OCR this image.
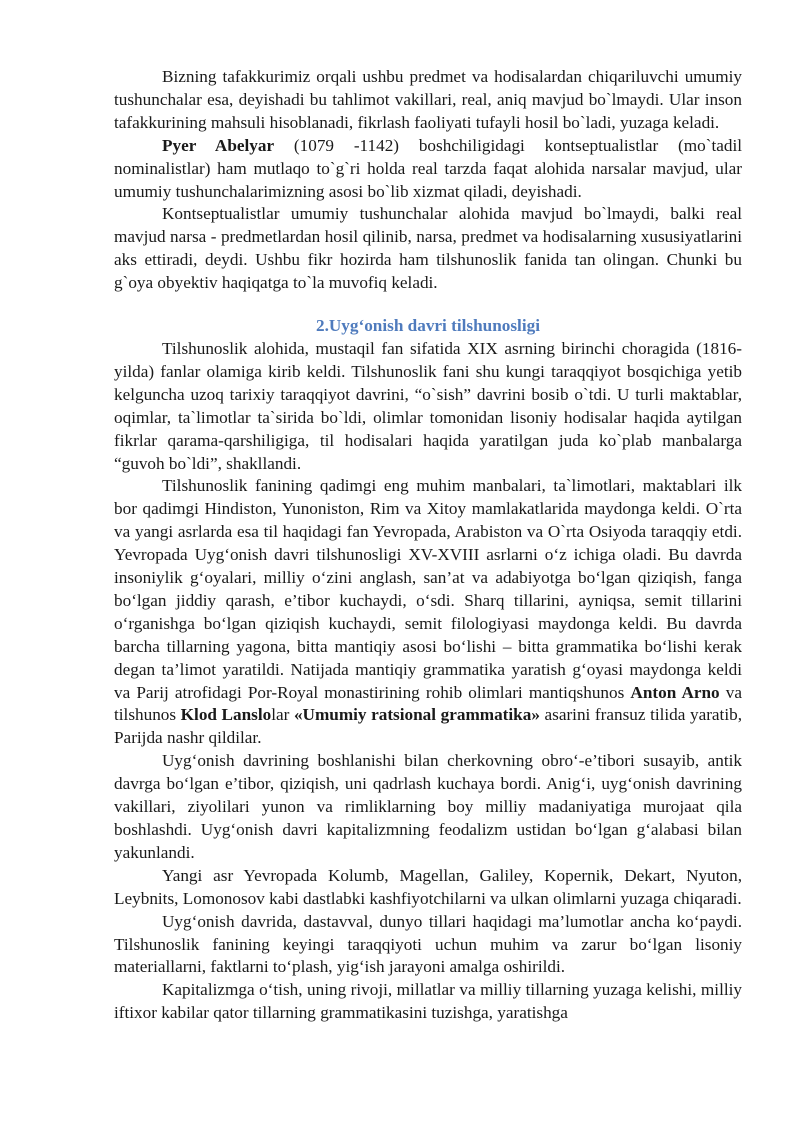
Bizning tafakkurimiz orqali ushbu predmet va hodisalardan chiqariluvchi umumiy tushunchalar esa, deyishadi bu tahlimot vakillari, real, aniq mavjud bo`lmaydi. Ular inson tafakkurining mahsuli hisoblanadi, fikrlash faoliyati tufayli hosil bo`ladi, yuzaga keladi.

Pyer Abelyar (1079 -1142) boshchiligidagi kontseptualistlar (mo`tadil nominalistlar) ham mutlaqo to`g`ri holda real tarzda faqat alohida narsalar mavjud, ular umumiy tushunchalarimizning asosi bo`lib xizmat qiladi, deyishadi.

Kontseptualistlar umumiy tushunchalar alohida mavjud bo`lmaydi, balki real mavjud narsa - predmetlardan hosil qilinib, narsa, predmet va hodisalarning xususiyatlarini aks ettiradi, deydi. Ushbu fikr hozirda ham tilshunoslik fanida tan olingan. Chunki bu g`oya obyektiv haqiqatga to`la muvofiq keladi.

2.Uyg‘onish davri tilshunosligi

Tilshunoslik alohida, mustaqil fan sifatida XIX asrning birinchi choragida (1816-yilda) fanlar olamiga kirib keldi. Tilshunoslik fani shu kungi taraqqiyot bosqichiga yetib kelguncha uzoq tarixiy taraqqiyot davrini, “o`sish” davrini bosib o`tdi. U turli maktablar, oqimlar, ta`limotlar ta`sirida bo`ldi, olimlar tomonidan lisoniy hodisalar haqida aytilgan fikrlar qarama-qarshiligiga, til hodisalari haqida yaratilgan juda ko`plab manbalarga “guvoh bo`ldi”, shakllandi.

Tilshunoslik fanining qadimgi eng muhim manbalari, ta`limotlari, maktablari ilk bor qadimgi Hindiston, Yunoniston, Rim va Xitoy mamlakatlarida maydonga keldi. O`rta va yangi asrlarda esa til haqidagi fan Yevropada, Arabiston va O`rta Osiyoda taraqqiy etdi. Yevropada Uyg‘onish davri tilshunosligi XV-XVIII asrlarni o‘z ichiga oladi. Bu davrda insoniylik g‘oyalari, milliy o‘zini anglash, san’at va adabiyotga bo‘lgan qiziqish, fanga bo‘lgan jiddiy qarash, e’tibor kuchaydi, o‘sdi. Sharq tillarini, ayniqsa, semit tillarini o‘rganishga bo‘lgan qiziqish kuchaydi, semit filologiyasi maydonga keldi. Bu davrda barcha tillarning yagona, bitta mantiqiy asosi bo‘lishi – bitta grammatika bo‘lishi kerak degan ta’limot yaratildi. Natijada mantiqiy grammatika yaratish g‘oyasi maydonga keldi va Parij atrofidagi Por-Royal monastirining rohib olimlari mantiqshunos Anton Arno va tilshunos Klod Lanslolar «Umumiy ratsional grammatika» asarini fransuz tilida yaratib, Parijda nashr qildilar.

Uyg‘onish davrining boshlanishi bilan cherkovning obro‘-e’tibori susayib, antik davrga bo‘lgan e’tibor, qiziqish, uni qadrlash kuchaya bordi. Anig‘i, uyg‘onish davrining vakillari, ziyolilari yunon va rimliklarning boy milliy madaniyatiga murojaat qila boshlashdi. Uyg‘onish davri kapitalizmning feodalizm ustidan bo‘lgan g‘alabasi bilan yakunlandi.

Yangi asr Yevropada Kolumb, Magellan, Galiley, Kopernik, Dekart, Nyuton, Leybnits, Lomonosov kabi dastlabki kashfiyotchilarni va ulkan olimlarni yuzaga chiqaradi.

Uyg‘onish davrida, dastavval, dunyo tillari haqidagi ma’lumotlar ancha ko‘paydi. Tilshunoslik fanining keyingi taraqqiyoti uchun muhim va zarur bo‘lgan lisoniy materiallarni, faktlarni to‘plash, yig‘ish jarayoni amalga oshirildi.

Kapitalizmga o‘tish, uning rivoji, millatlar va milliy tillarning yuzaga kelishi, milliy iftixor kabilar qator tillarning grammatikasini tuzishga, yaratishga
